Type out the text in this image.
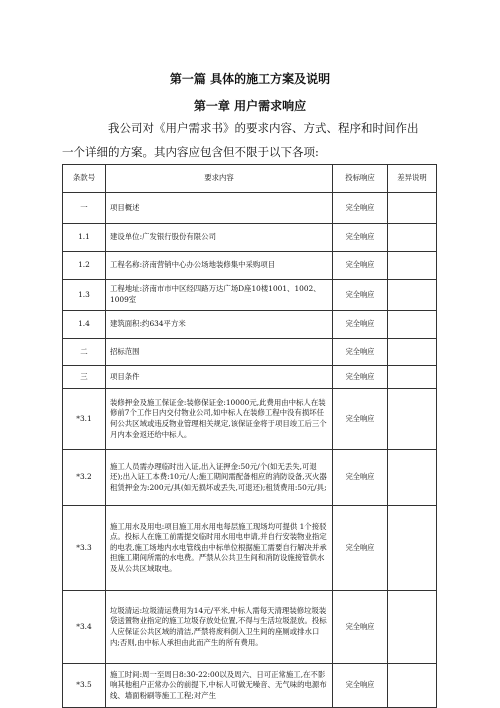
第一篇 具体的施工方案及说明
第一章 用户需求响应
我公司对《用户需求书》的要求内容、方式、程序和时间作出
一个详细的方案。其内容应包含但不限于以下各项:
条款号	要求内容	投标响应	差异说明
一	项目概述	完全响应	
1.1	建设单位:广发银行股份有限公司	完全响应	
1.2	工程名称:济南营销中心办公场地装修集中采购项目	完全响应	
1.3	工程地址:济南市市中区经四路万达广场D座10楼1001、1002、1009室	完全响应	
1.4	建筑面积:约634平方米	完全响应	
二	招标范围	完全响应	
三	项目条件	完全响应	
*3.1	装修押金及施工保证金:装修保证金:10000元,此费用由中标人在装修前7个工作日内交付物业公司,如中标人在装修工程中没有损坏任何公共区域或违反物业管理相关规定,该保证金将于项目竣工后三个月内本金返还给中标人。	完全响应	
*3.2	施工人员需办理临时出入证,出入证押金:50元/个(如无丢失,可退还);出入证工本费:10元/人;施工期间需配备相应的消防设备,灭火器租赁押金为:200元/具(如无损坏或丢失,可退还);租赁费用:50元/具;	完全响应	
*3.3	施工用水及用电:项目施工用水用电每层施工现场均可提供 1个接驳点。投标人在施工前需提交临时用水用电申请,并自行安装物业指定的电表,施工场地内水电管线由中标单位根据施工需要自行解决并承担施工期间所需的水电费。严禁从公共卫生间和消防设施接管供水及从公共区域取电。	完全响应	
*3.4	垃圾清运:垃圾清运费用为14元/平米,中标人需每天清理装修垃圾装袋送置物业指定的施工垃圾存放处位置,不得与生活垃圾混放。投标人应保证公共区域的清洁,严禁将废料倒入卫生间的座厕或排水口内;否则,由中标人承担由此而产生的所有费用。	完全响应	
*3.5	施工时间:周一至周日8:30-22:00以及周六、日可正常施工,在不影响其他租户正常办公的前提下,中标人可做无噪音、无气味的电源布线、墙面粉刷等施工工程;对产生	完全响应	
